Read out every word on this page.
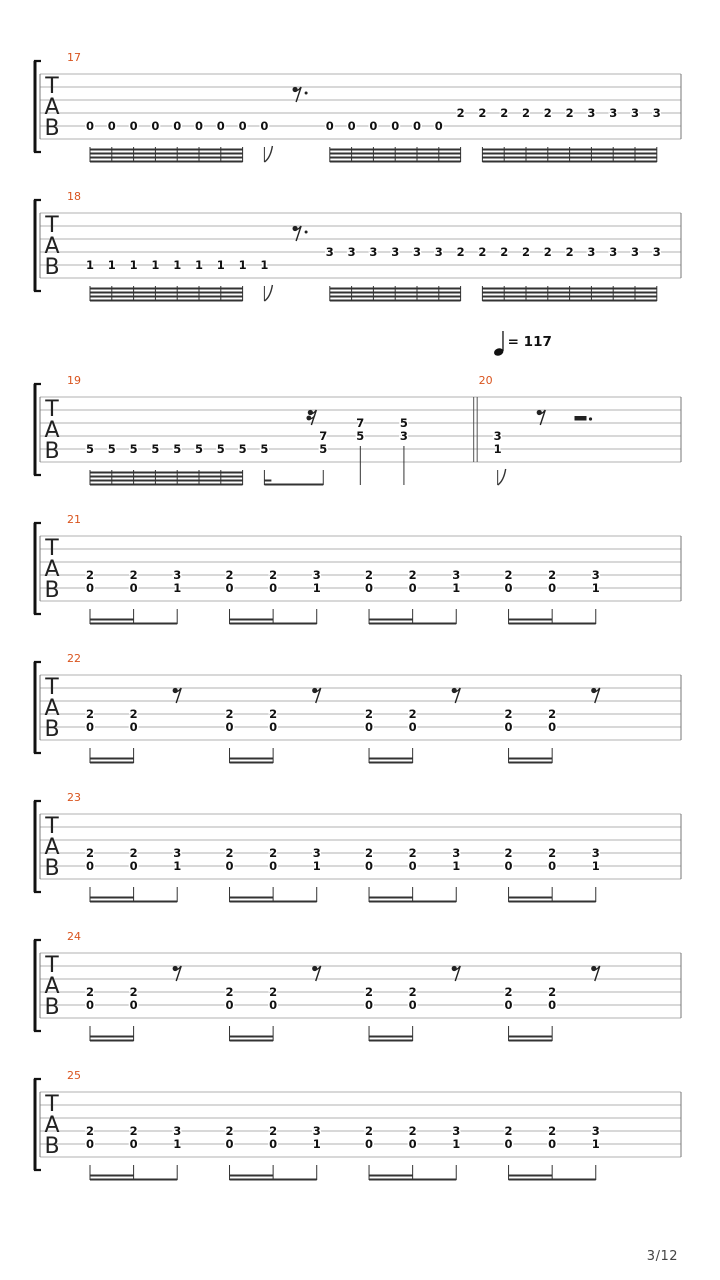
T
A
B
17
0 0 0 0 0 0 0 0 0	0 0 0 0 0 0
2 2 2 2 2 2 3 3 3 3
T
A
B
18
1 1 1 1 1 1 1 1 1
3 3 3 3 3 3 2 2 2 2 2 2 3 3 3 3
T
A
B
19	20
= 117
5 5 5 5 5 5 5 5 5
7
5
7
5
5
3	3
1
T
A
B
21
2
0
2
0
3
1
2
0
2
0
3
1
2
0
2
0
3
1
2
0
2
0
3
1
T
A
B
22
2
0
2
0
2
0
2
0
2
0
2
0
2
0
2
0
T
A
B
23
2
0
2
0
3
1
2
0
2
0
3
1
2
0
2
0
3
1
2
0
2
0
3
1
T
A
B
24
2
0
2
0
2
0
2
0
2
0
2
0
2
0
2
0
T
A
B
25
2
0
2
0
3
1
2
0
2
0
3
1
2
0
2
0
3
1
2
0
2
0
3
1
3/12
